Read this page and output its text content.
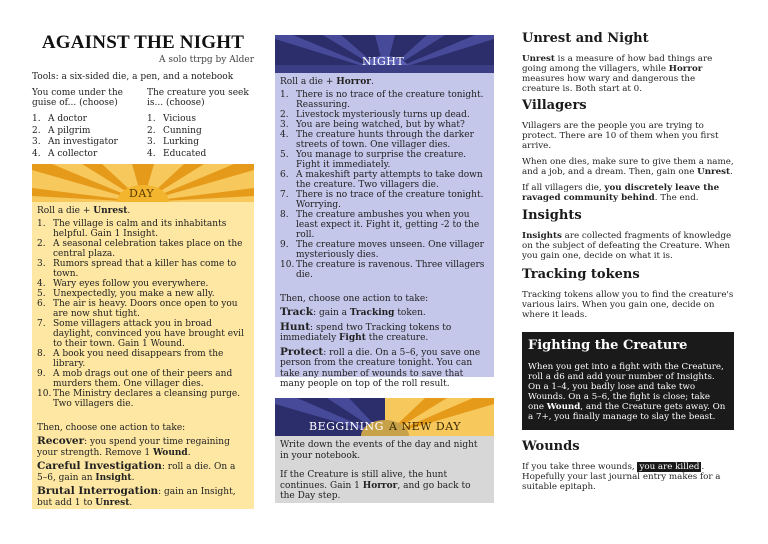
AGAINST THE NIGHT
A solo ttrpg by Alder
Tools: a six-sided die, a pen, and a notebook
You come under the guise of... (choose)
1. A doctor
2. A pilgrim
3. An investigator
4. A collector
The creature you seek is... (choose)
1. Vicious
2. Cunning
3. Lurking
4. Educated
DAY
Roll a die + Unrest.
1. The village is calm and its inhabitants helpful. Gain 1 Insight.
2. A seasonal celebration takes place on the central plaza.
3. Rumors spread that a killer has come to town.
4. Wary eyes follow you everywhere.
5. Unexpectedly, you make a new ally.
6. The air is heavy. Doors once open to you are now shut tight.
7. Some villagers attack you in broad daylight, convinced you have brought evil to their town. Gain 1 Wound.
8. A book you need disappears from the library.
9. A mob drags out one of their peers and murders them. One villager dies.
10. The Ministry declares a cleansing purge. Two villagers die.
Then, choose one action to take:
Recover: you spend your time regaining your strength. Remove 1 Wound.
Careful Investigation: roll a die. On a 5–6, gain an Insight.
Brutal Interrogation: gain an Insight, but add 1 to Unrest.
NIGHT
Roll a die + Horror.
1. There is no trace of the creature tonight. Reassuring.
2. Livestock mysteriously turns up dead.
3. You are being watched, but by what?
4. The creature hunts through the darker streets of town. One villager dies.
5. You manage to surprise the creature. Fight it immediately.
6. A makeshift party attempts to take down the creature. Two villagers die.
7. There is no trace of the creature tonight. Worrying.
8. The creature ambushes you when you least expect it. Fight it, getting -2 to the roll.
9. The creature moves unseen. One villager mysteriously dies.
10. The creature is ravenous. Three villagers die.
Then, choose one action to take:
Track: gain a Tracking token.
Hunt: spend two Tracking tokens to immediately Fight the creature.
Protect: roll a die. On a 5–6, you save one person from the creature tonight. You can take any number of wounds to save that many people on top of the roll result.
BEGGINING A NEW DAY
Write down the events of the day and night in your notebook.
If the Creature is still alive, the hunt continues. Gain 1 Horror, and go back to the Day step.
Unrest and Night
Unrest is a measure of how bad things are going among the villagers, while Horror measures how wary and dangerous the creature is. Both start at 0.
Villagers
Villagers are the people you are trying to protect. There are 10 of them when you first arrive.
When one dies, make sure to give them a name, and a job, and a dream. Then, gain one Unrest.
If all villagers die, you discretely leave the ravaged community behind. The end.
Insights
Insights are collected fragments of knowledge on the subject of defeating the Creature. When you gain one, decide on what it is.
Tracking tokens
Tracking tokens allow you to find the creature's various lairs. When you gain one, decide on where it leads.
Fighting the Creature
When you get into a fight with the Creature, roll a d6 and add your number of Insights. On a 1–4, you badly lose and take two Wounds. On a 5–6, the fight is close; take one Wound, and the Creature gets away. On a 7+, you finally manage to slay the beast.
Wounds
If you take three wounds, you are killed . Hopefully your last journal entry makes for a suitable epitaph.
